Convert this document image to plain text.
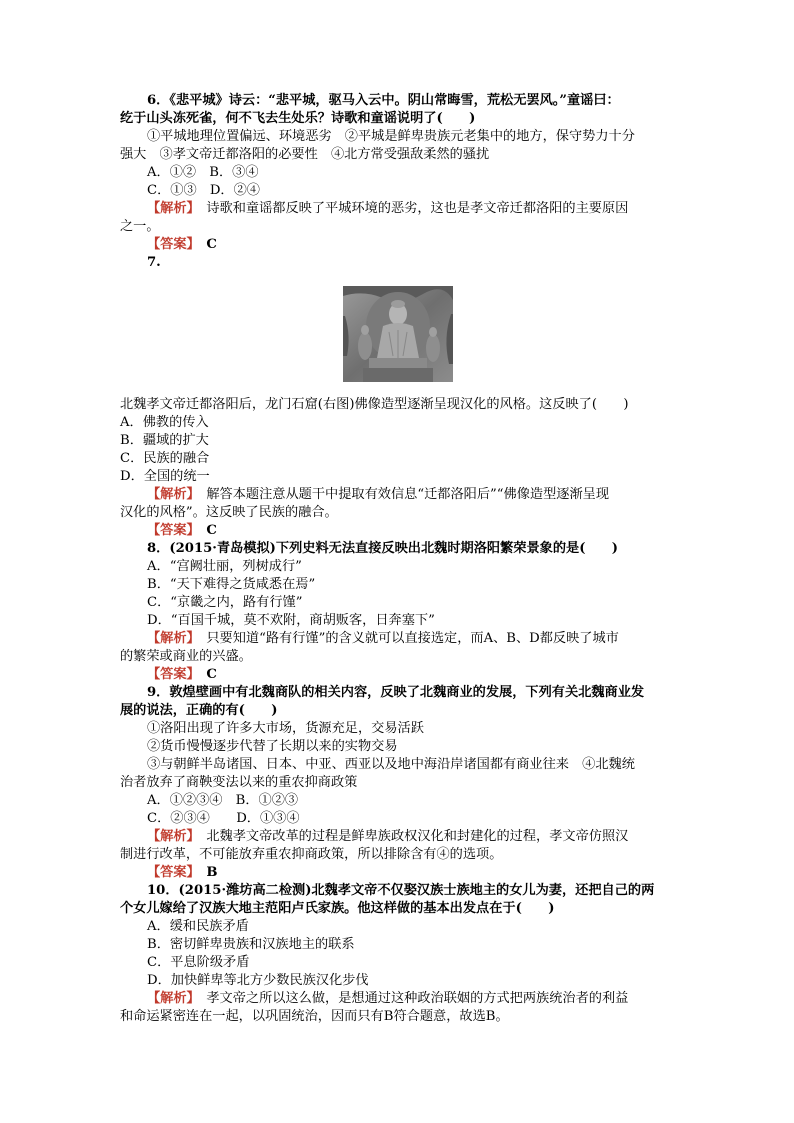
6．《悲平城》诗云：“悲平城，驱马入云中。阴山常晦雪，荒松无罢风。”童谣曰：
纥于山头冻死雀，何不飞去生处乐？诗歌和童谣说明了(　　)
①平城地理位置偏远、环境恶劣　②平城是鲜卑贵族元老集中的地方，保守势力十分
强大　③孝文帝迁都洛阳的必要性　④北方常受强敌柔然的骚扰
A．①②　B．③④
C．①③　D．②④
【解析】　诗歌和童谣都反映了平城环境的恶劣，这也是孝文帝迁都洛阳的主要原因
之一。
【答案】　C
7.
北魏孝文帝迁都洛阳后，龙门石窟(右图)佛像造型逐渐呈现汉化的风格。这反映了(　　)
A．佛教的传入
B．疆域的扩大
C．民族的融合
D．全国的统一
【解析】　解答本题注意从题干中提取有效信息“迁都洛阳后”“佛像造型逐渐呈现
汉化的风格”。这反映了民族的融合。
【答案】　C
8．(2015·青岛模拟)下列史料无法直接反映出北魏时期洛阳繁荣景象的是(　　)
A．“宫阙壮丽，列树成行”
B．“天下难得之货咸悉在焉”
C．“京畿之内，路有行馑”
D．“百国千城，莫不欢附，商胡贩客，日奔塞下”
【解析】　只要知道“路有行馑”的含义就可以直接选定，而A、B、D都反映了城市
的繁荣或商业的兴盛。
【答案】　C
9．敦煌壁画中有北魏商队的相关内容，反映了北魏商业的发展，下列有关北魏商业发
展的说法，正确的有(　　)
①洛阳出现了许多大市场，货源充足，交易活跃
②货币慢慢逐步代替了长期以来的实物交易
③与朝鲜半岛诸国、日本、中亚、西亚以及地中海沿岸诸国都有商业往来　④北魏统
治者放弃了商鞅变法以来的重农抑商政策
A．①②③④　B．①②③
C．②③④　　D．①③④
【解析】　北魏孝文帝改革的过程是鲜卑族政权汉化和封建化的过程，孝文帝仿照汉
制进行改革，不可能放弃重农抑商政策，所以排除含有④的选项。
【答案】　B
10．(2015·潍坊高二检测)北魏孝文帝不仅娶汉族士族地主的女儿为妻，还把自己的两
个女儿嫁给了汉族大地主范阳卢氏家族。他这样做的基本出发点在于(　　)
A．缓和民族矛盾
B．密切鲜卑贵族和汉族地主的联系
C．平息阶级矛盾
D．加快鲜卑等北方少数民族汉化步伐
【解析】　孝文帝之所以这么做，是想通过这种政治联姻的方式把两族统治者的利益
和命运紧密连在一起，以巩固统治，因而只有B符合题意，故选B。
